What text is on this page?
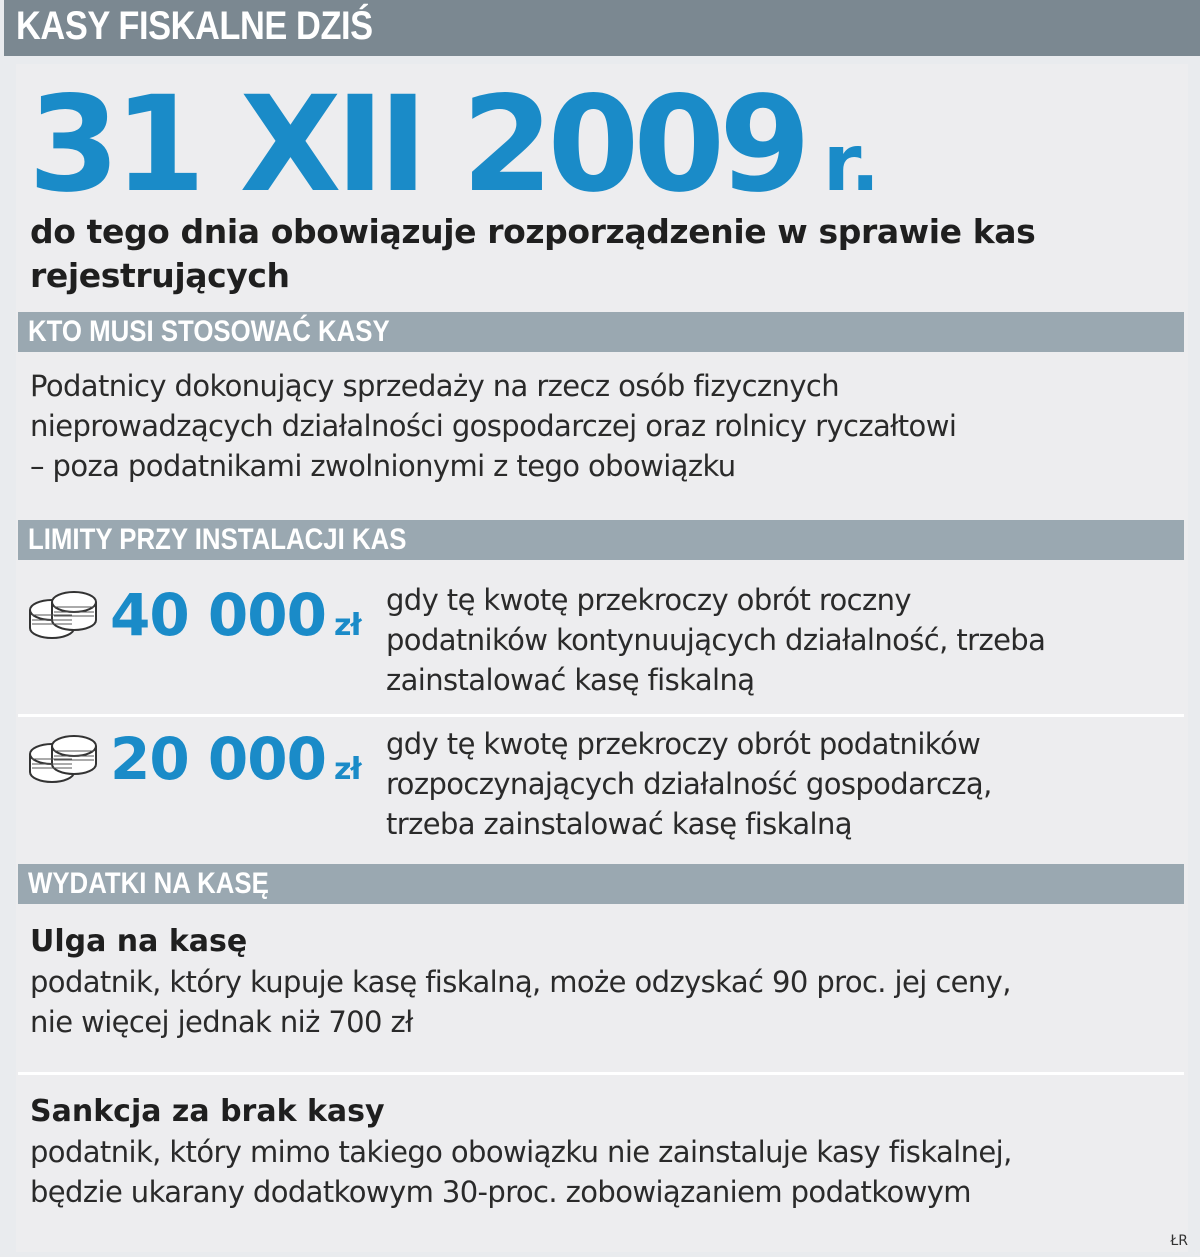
KASY FISKALNE DZIŚ
31 XII 2009 r.
do tego dnia obowiązuje rozporządzenie w sprawie kas rejestrujących
KTO MUSI STOSOWAĆ KASY
Podatnicy dokonujący sprzedaży na rzecz osób fizycznych
nieprowadzących działalności gospodarczej oraz rolnicy ryczałtowi
– poza podatnikami zwolnionymi z tego obowiązku
LIMITY PRZY INSTALACJI KAS
40 000 zł
gdy tę kwotę przekroczy obrót roczny
podatników kontynuujących działalność, trzeba
zainstalować kasę fiskalną
20 000 zł
gdy tę kwotę przekroczy obrót podatników
rozpoczynających działalność gospodarczą,
trzeba zainstalować kasę fiskalną
WYDATKI NA KASĘ
Ulga na kasę
podatnik, który kupuje kasę fiskalną, może odzyskać 90 proc. jej ceny,
nie więcej jednak niż 700 zł
Sankcja za brak kasy
podatnik, który mimo takiego obowiązku nie zainstaluje kasy fiskalnej,
będzie ukarany dodatkowym 30-proc. zobowiązaniem podatkowym
ŁR
